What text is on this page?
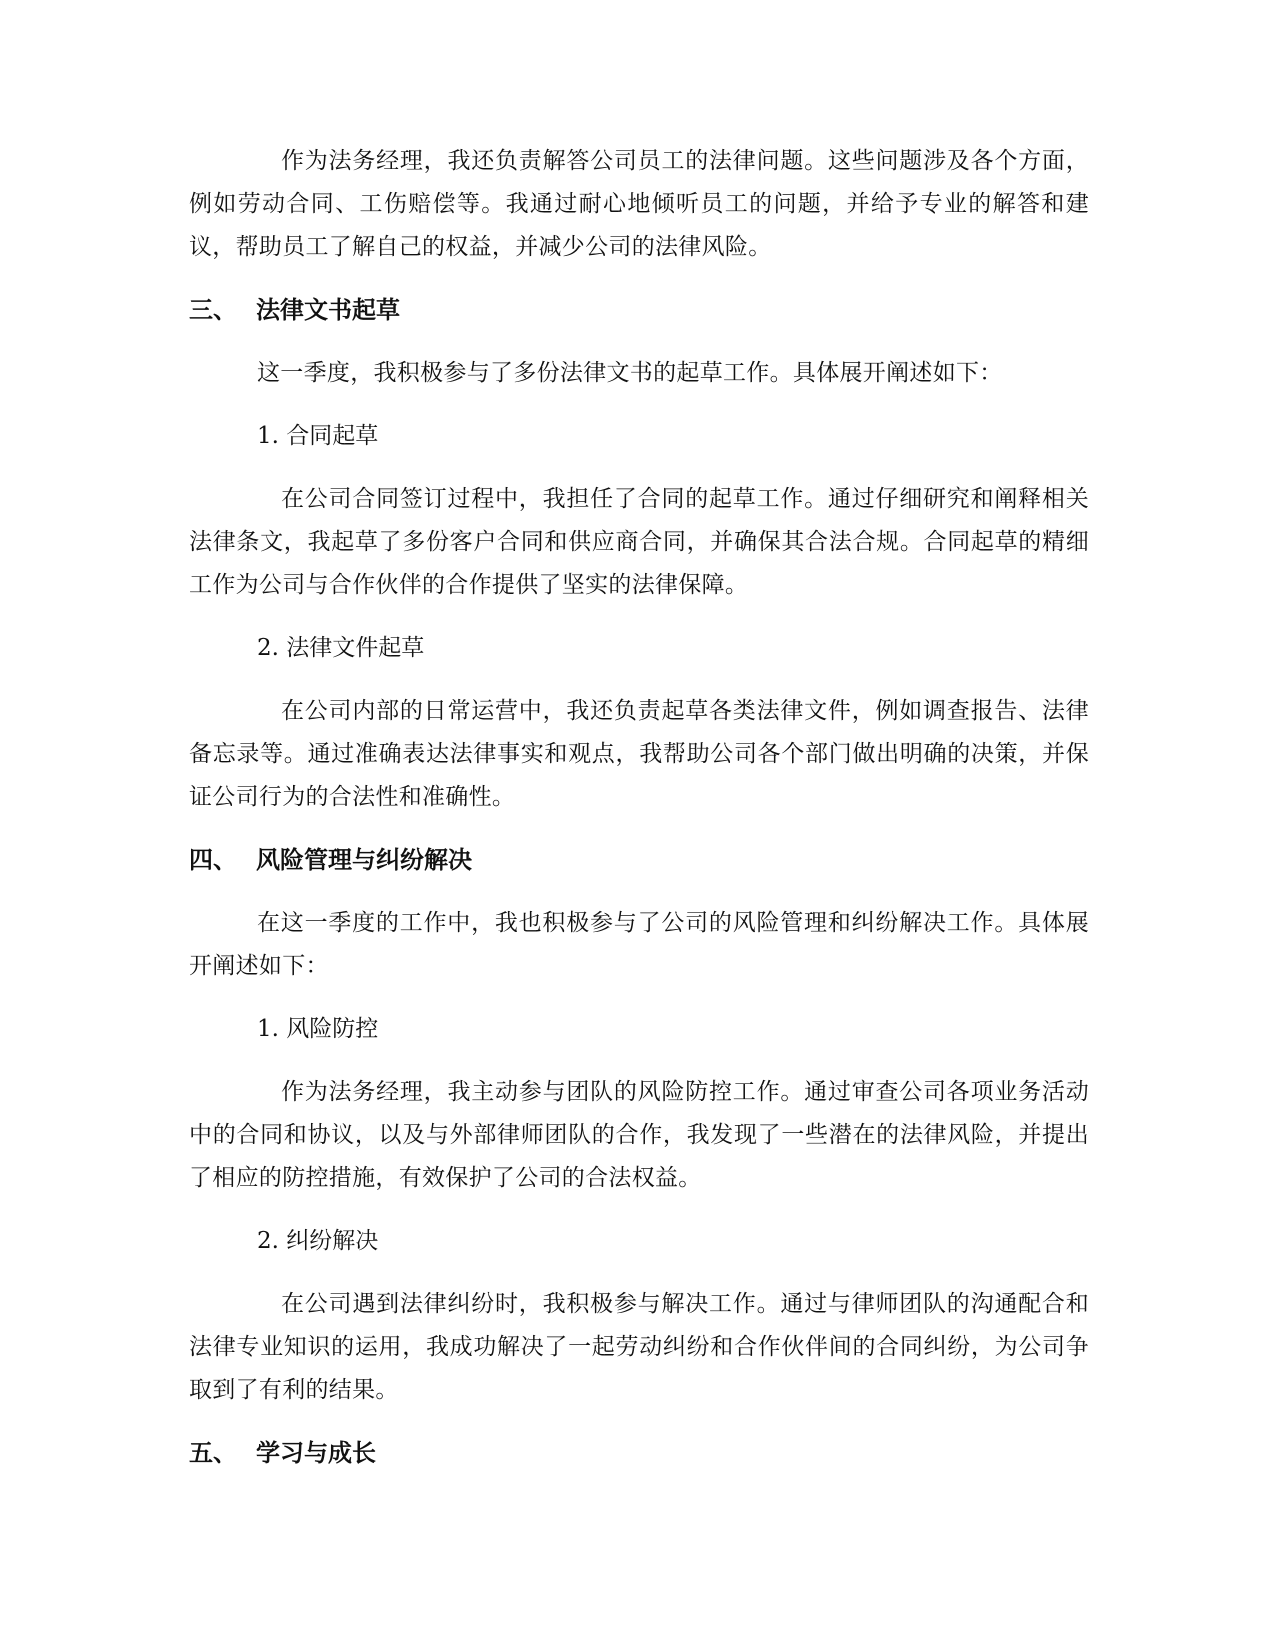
作为法务经理，我还负责解答公司员工的法律问题。这些问题涉及各个方面，例如劳动合同、工伤赔偿等。我通过耐心地倾听员工的问题，并给予专业的解答和建议，帮助员工了解自己的权益，并减少公司的法律风险。

三、 法律文书起草

这一季度，我积极参与了多份法律文书的起草工作。具体展开阐述如下：

1. 合同起草

在公司合同签订过程中，我担任了合同的起草工作。通过仔细研究和阐释相关法律条文，我起草了多份客户合同和供应商合同，并确保其合法合规。合同起草的精细工作为公司与合作伙伴的合作提供了坚实的法律保障。

2. 法律文件起草

在公司内部的日常运营中，我还负责起草各类法律文件，例如调查报告、法律备忘录等。通过准确表达法律事实和观点，我帮助公司各个部门做出明确的决策，并保证公司行为的合法性和准确性。

四、 风险管理与纠纷解决

在这一季度的工作中，我也积极参与了公司的风险管理和纠纷解决工作。具体展开阐述如下：

1. 风险防控

作为法务经理，我主动参与团队的风险防控工作。通过审查公司各项业务活动中的合同和协议，以及与外部律师团队的合作，我发现了一些潜在的法律风险，并提出了相应的防控措施，有效保护了公司的合法权益。

2. 纠纷解决

在公司遇到法律纠纷时，我积极参与解决工作。通过与律师团队的沟通配合和法律专业知识的运用，我成功解决了一起劳动纠纷和合作伙伴间的合同纠纷，为公司争取到了有利的结果。

五、 学习与成长
